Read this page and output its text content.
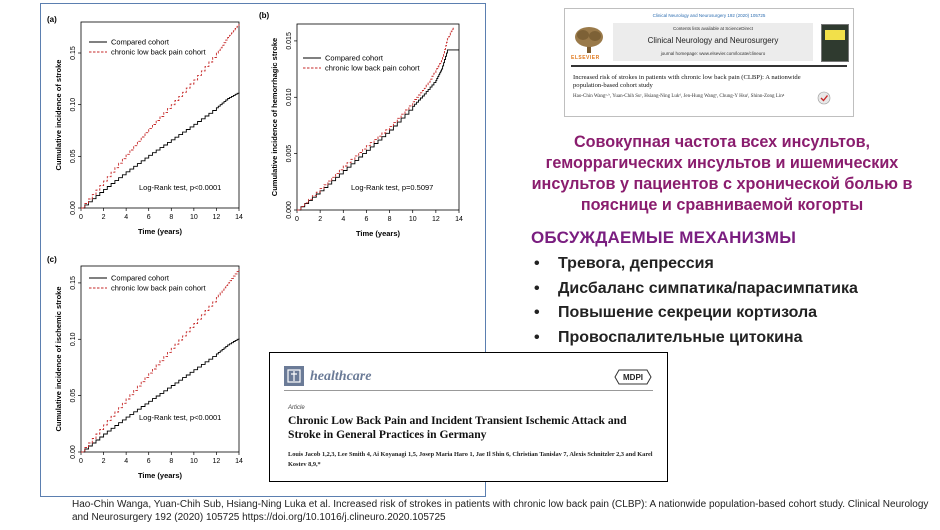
(a)
0	2	4	6	8 10 12 14
0.00
0.05
0.10
0.15
Time (years)
Cumulative incidence of stroke
Compared cohort
chronic low back pain cohort
Log-Rank test, p<0.0001
(b)
0	2	4	6	8 10 12 14
0.000
0.005
0.010
0.015
Time (years)
Cumulative incidence of hemorrhagic stroke	Compared cohort
chronic low back pain cohort
Log-Rank test, p=0.5097
(c)
0	2	4	6	8 10 12 14
0.00
0.05
0.10
0.15
Time (years)
Cumulative incidence of ischemic stroke
Compared cohort
chronic low back pain cohort
Log-Rank test, p<0.0001
Clinical Neurology and Neurosurgery 192 (2020) 105725
ELSEVIER
Contents lists available at ScienceDirect
Clinical Neurology and Neurosurgery
journal homepage: www.elsevier.com/locate/clineuro
Increased risk of strokes in patients with chronic low back pain (CLBP): A nationwide population-based cohort study
Hao-Chin Wangᵃ·ᵇ, Yuan-Chih Suᶜ, Hsiang-Ning Lukᵈ, Jen-Hung Wangᵉ, Chung-Y Hsuᶠ, Shinn-Zong Linᵍ
Совокупная частота всех инсультов, геморрагических инсультов и ишемических инсультов у пациентов с хронической болью в пояснице и сравниваемой когорты
ОБСУЖДАЕМЫЕ МЕХАНИЗМЫ
• Тревога, депрессия
• Дисбаланс симпатика/парасимпатика
• Повышение секреции кортизола
• Провоспалительные цитокина
healthcare	MDPI
Article
Chronic Low Back Pain and Incident Transient Ischemic Attack and Stroke in General Practices in Germany
Louis Jacob 1,2,3, Lee Smith 4, Ai Koyanagi 1,5, Josep Maria Haro 1, Jae Il Shin 6, Christian Tanislav 7, Alexis Schnitzler 2,3 and Karel Kostev 8,9,*
Hao-Chin Wanga, Yuan-Chih Sub, Hsiang-Ning Luka et al. Increased risk of strokes in patients with chronic low back pain (CLBP): A nationwide population-based cohort study. Clinical Neurology and Neurosurgery 192 (2020) 105725 https://doi.org/10.1016/j.clineuro.2020.105725
